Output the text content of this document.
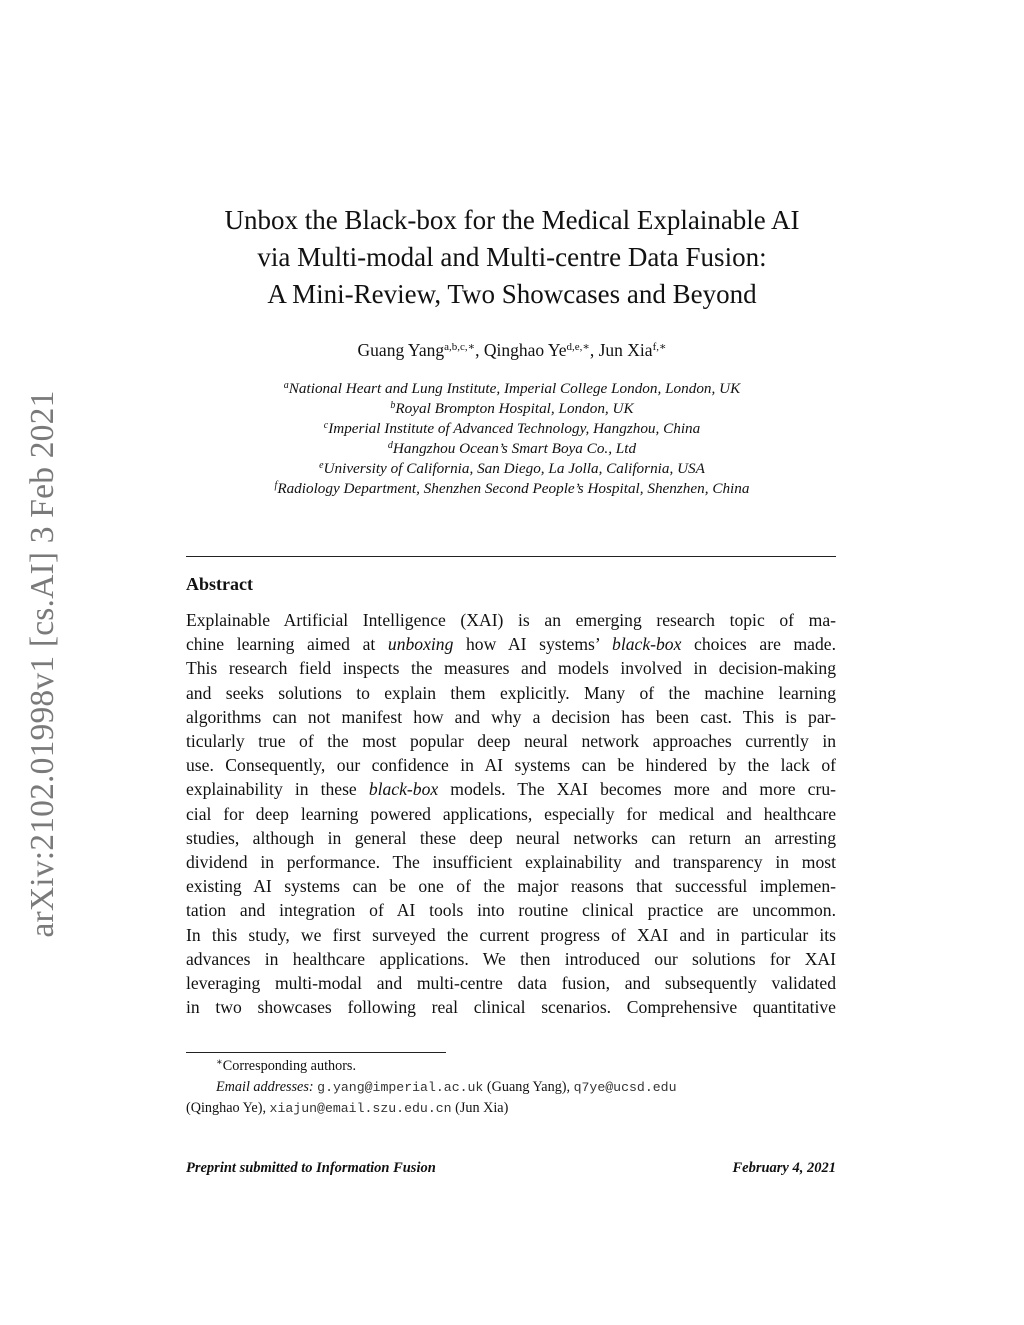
arXiv:2102.01998v1 [cs.AI] 3 Feb 2021
Unbox the Black-box for the Medical Explainable AI
via Multi-modal and Multi-centre Data Fusion:
A Mini-Review, Two Showcases and Beyond
Guang Yang$^{a,b,c,∗}$, Qinghao $Ye^{d,e,∗}$, Jun Xia$^{f,∗}$
$^a$National Heart and Lung Institute, Imperial College London, London, UK
$^b$Royal Brompton Hospital, London, UK
$^c$Imperial Institute of Advanced Technology, Hangzhou, China
$^d$Hangzhou Ocean’s Smart Boya Co., Ltd
$^e$University of California, San Diego, La Jolla, California, USA
$^f$Radiology Department, Shenzhen Second People’s Hospital, Shenzhen, China
Abstract
Explainable Artificial Intelligence (XAI) is an emerging research topic of ma-
chine learning aimed at unboxing how AI systems’ black-box choices are made.
This research field inspects the measures and models involved in decision-making
and seeks solutions to explain them explicitly. Many of the machine learning
algorithms can not manifest how and why a decision has been cast. This is par-
ticularly true of the most popular deep neural network approaches currently in
use. Consequently, our confidence in AI systems can be hindered by the lack of
explainability in these black-box models. The XAI becomes more and more cru-
cial for deep learning powered applications, especially for medical and healthcare
studies, although in general these deep neural networks can return an arresting
dividend in performance. The insufficient explainability and transparency in most
existing AI systems can be one of the major reasons that successful implemen-
tation and integration of AI tools into routine clinical practice are uncommon.
In this study, we first surveyed the current progress of XAI and in particular its
advances in healthcare applications. We then introduced our solutions for XAI
leveraging multi-modal and multi-centre data fusion, and subsequently validated
in two showcases following real clinical scenarios. Comprehensive quantitative
∗Corresponding authors.
Email addresses: g.yang@imperial.ac.uk (Guang Yang), q7ye@ucsd.edu
(Qinghao Ye), xiajun@email.szu.edu.cn (Jun Xia)
Preprint submitted to Information Fusion	February 4, 2021
